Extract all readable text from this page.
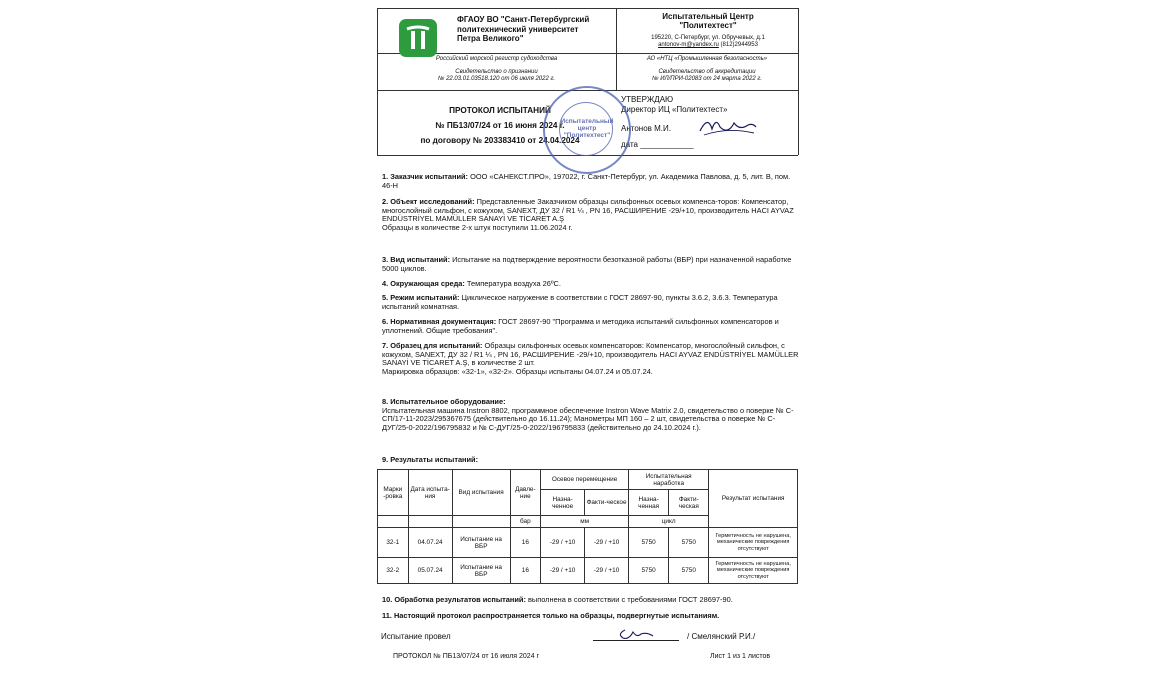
ФГАОУ ВО "Санкт-Петербургский
политехнический университет
Петра Великого"
Испытательный Центр
"Политехтест"
195220, С-Петербург, ул. Обручевых, д.1
antonov-m@yandex.ru (812)2944953
Российский морской регистр судоходства
Свидетельство о признании
№ 22.03.01.03518.120 от 06 июля 2022 г.
АО «НТЦ «Промышленная безопасность»
Свидетельство об аккредитации
№ ИЛ/ПРИ-02083 от 24 марта 2022 г.
ПРОТОКОЛ ИСПЫТАНИЙ
№ ПБ13/07/24 от 16 июня 2024 г.
по договору № 203383410 от 24.04.2024
УТВЕРЖДАЮ
Директор ИЦ «Политехтест»
Антонов М.И.
дата ____________
Испытательный
центр
"Политехтест"
1. Заказчик испытаний: ООО «САНЕКСТ.ПРО», 197022, г. Санкт-Петербург, ул. Академика Павлова, д. 5, лит. В, пом. 46-Н
2. Объект исследований: Представленные Заказчиком образцы сильфонных осевых компенса-торов: Компенсатор, многослойный сильфон, с кожухом, SANEXT, ДУ 32 / R1 ¼ , PN 16, РАСШИРЕНИЕ -29/+10, производитель HACI AYVAZ ENDÜSTRİYEL MAMÜLLER SANAYİ VE TİCARET A.Ş
Образцы в количестве 2-х штук поступили 11.06.2024 г.
3. Вид испытаний: Испытание на подтверждение вероятности безотказной работы (ВБР) при назначенной наработке 5000 циклов.
4. Окружающая среда: Температура воздуха 26ºС.
5. Режим испытаний: Циклическое нагружение в соответствии с ГОСТ 28697-90, пункты 3.6.2, 3.6.3. Температура испытаний комнатная.
6. Нормативная документация: ГОСТ 28697-90 "Программа и методика испытаний сильфонных компенсаторов и уплотнений. Общие требования".
7. Образец для испытаний: Образцы сильфонных осевых компенсаторов: Компенсатор, многослойный сильфон, с кожухом, SANEXT, ДУ 32 / R1 ¼ , PN 16, РАСШИРЕНИЕ -29/+10, производитель HACI AYVAZ ENDÜSTRİYEL MAMÜLLER SANAYİ VE TİCARET A.Ş, в количестве 2 шт.
Маркировка образцов: «32-1», «32-2». Образцы испытаны 04.07.24 и 05.07.24.
8. Испытательное оборудование:
Испытательная машина Instron 8802, программное обеспечение Instron Wave Matrix 2.0, свидетельство о поверке № С-СП/17-11-2023/295367675 (действительно до 16.11.24); Манометры МП 160 – 2 шт, свидетельства о поверке № С-ДУГ/25-0-2022/196795832 и № С-ДУГ/25-0-2022/196795833 (действительно до 24.10.2024 г.).
9. Результаты испытаний:
Марки -ровка	Дата испыта-ния	Вид испытания	Давле-ние	Осевое перемещение		Испытательная наработка		Результат испытания
				Назна-ченное	Факти-ческое	Назна-ченная	Факти-ческая	
			бар	мм		цикл		
32-1	04.07.24	Испытание на ВБР	16	-29 / +10	-29 / +10	5750	5750	Герметичность не нарушена, механические повреждения отсутствуют
32-2	05.07.24	Испытание на ВБР	16	-29 / +10	-29 / +10	5750	5750	Герметичность не нарушена, механические повреждения отсутствуют
10. Обработка результатов испытаний: выполнена в соответствии с требованиями ГОСТ 28697-90.
11. Настоящий протокол распространяется только на образцы, подвергнутые испытаниям.
Испытание провел	/ Смелянский Р.И./
ПРОТОКОЛ № ПБ13/07/24 от 16 июля 2024 г	Лист 1 из 1 листов
